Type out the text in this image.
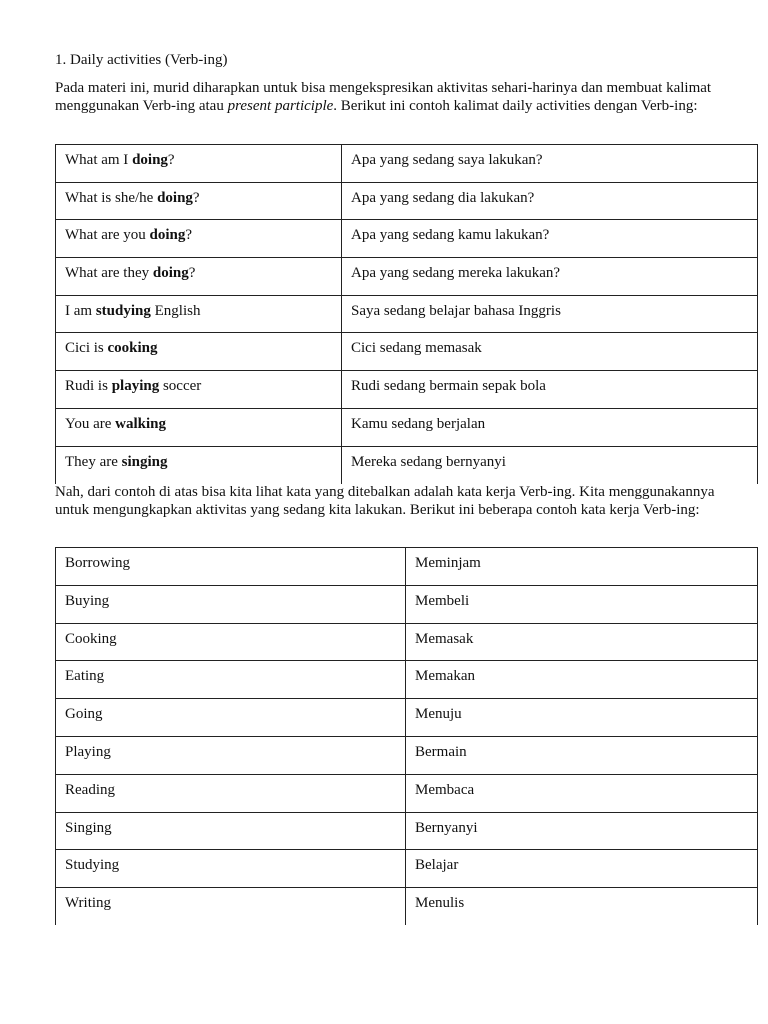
1. Daily activities (Verb-ing)
Pada materi ini, murid diharapkan untuk bisa mengekspresikan aktivitas sehari-harinya dan membuat kalimat menggunakan Verb-ing atau present participle. Berikut ini contoh kalimat daily activities dengan Verb-ing:
What am I doing?	Apa yang sedang saya lakukan?
What is she/he doing?	Apa yang sedang dia lakukan?
What are you doing?	Apa yang sedang kamu lakukan?
What are they doing?	Apa yang sedang mereka lakukan?
I am studying English	Saya sedang belajar bahasa Inggris
Cici is cooking	Cici sedang memasak
Rudi is playing soccer	Rudi sedang bermain sepak bola
You are walking	Kamu sedang berjalan
They are singing	Mereka sedang bernyanyi
Nah, dari contoh di atas bisa kita lihat kata yang ditebalkan adalah kata kerja Verb-ing. Kita menggunakannya untuk mengungkapkan aktivitas yang sedang kita lakukan. Berikut ini beberapa contoh kata kerja Verb-ing:
Borrowing	Meminjam
Buying	Membeli
Cooking	Memasak
Eating	Memakan
Going	Menuju
Playing	Bermain
Reading	Membaca
Singing	Bernyanyi
Studying	Belajar
Writing	Menulis
